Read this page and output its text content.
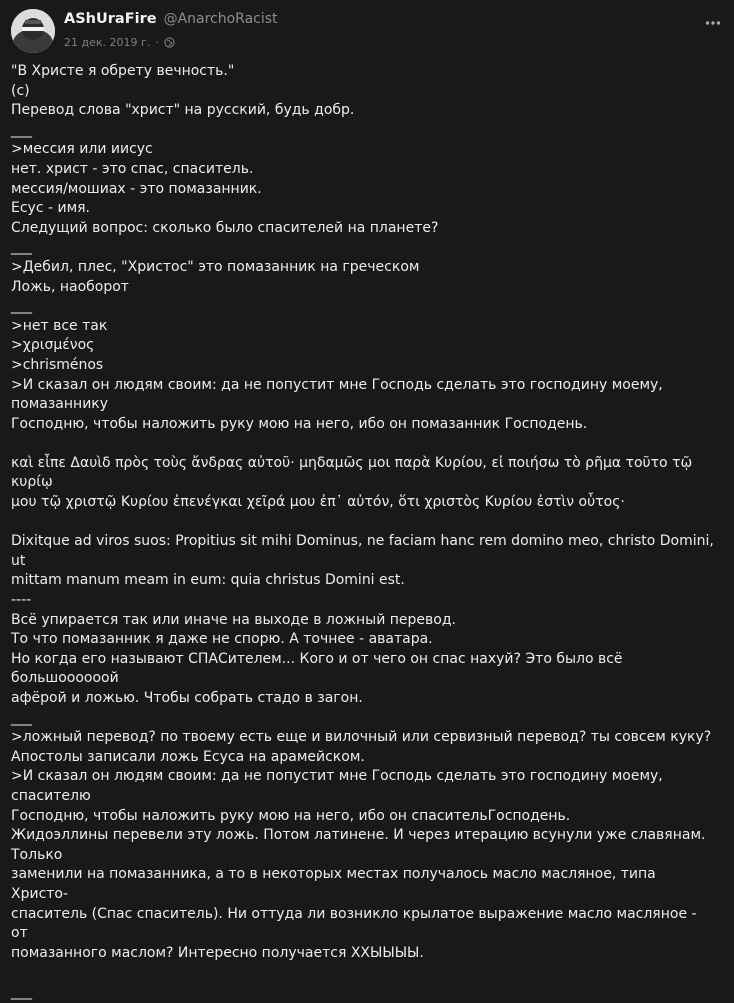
AShUraFire @AnarchoRacist
21 дек. 2019 г. ·
"В Христе я обрету вечность."
(с)
Перевод слова "христ" на русский, будь добр.
___
>мессия или иисус
нет. христ - это спас, спаситель.
мессия/мошиах - это помазанник.
Есус - имя.
Следущий вопрос: сколько было спасителей на планете?
___
>Дебил, плес, "Христос" это помазанник на греческом
Ложь, наоборот
___
>нет все так
>χρισμένος
>chrisménos
>И сказал он людям своим: да не попустит мне Господь сделать это господину моему, помазаннику
Господню, чтобы наложить руку мою на него, ибо он помазанник Господень.
καὶ εἶπε Δαυὶδ πρὸς τοὺς ἄνδρας αὐτοῦ· μηδαμῶς μοι παρὰ Κυρίου, εἰ ποιήσω τὸ ρῆμα τοῦτο τῷ κυρίῳ
μου τῷ χριστῷ Κυρίου ἐπενέγκαι χεῖρά μου ἐπ᾿ αὐτόν, ὅτι χριστὸς Κυρίου ἐστὶν οὗτος·
Dixitque ad viros suos: Propitius sit mihi Dominus, ne faciam hanc rem domino meo, christo Domini, ut
mittam manum meam in eum: quia christus Domini est.
----
Всё упирается так или иначе на выходе в ложный перевод.
То что помазанник я даже не спорю. А точнее - аватара.
Но когда его называют СПАСителем... Кого и от чего он спас нахуй? Это было всё большоооооой
афёрой и ложью. Чтобы собрать стадо в загон.
___
>ложный перевод? по твоему есть еще и вилочный или сервизный перевод? ты совсем куку?
Апостолы записали ложь Есуса на арамейском.
>И сказал он людям своим: да не попустит мне Господь сделать это господину моему, спасителю
Господню, чтобы наложить руку мою на него, ибо он спасительГосподень.
Жидоэллины перевели эту ложь. Потом латинене. И через итерацию всунули уже славянам. Только
заменили на помазанника, а то в некоторых местах получалось масло масляное, типа Христо-
спаситель (Спас спаситель). Ни оттуда ли возникло крылатое выражение масло масляное - от
помазанного маслом? Интересно получается ХХЫЫЫЫ.
___
